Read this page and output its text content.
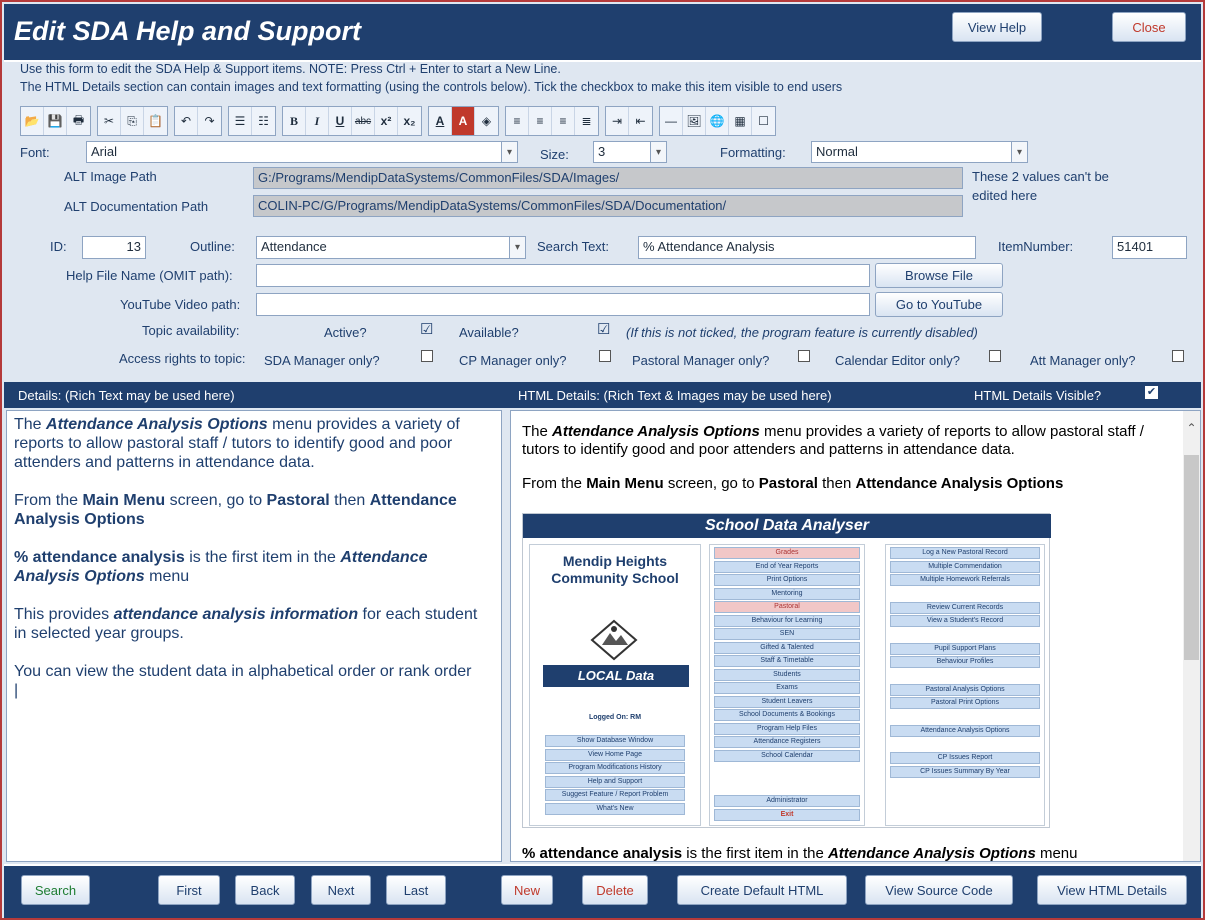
Edit SDA Help and Support	View Help	Close
Use this form to edit the SDA Help & Support items. NOTE: Press Ctrl + Enter to start a New Line.
The HTML Details section can contain images and text formatting (using the controls below). Tick the checkbox to make this item visible to end users
📂 💾 🖶	✂	⎘ 📋	↶	↷	☰	☷	B	I	U	abc x²	x₂	A	A	◈	≡	≡	≡	≣	⇥	⇤	— 🖼 🌐 ▦	☐
Font:	Arial	▾	Size:	3	▾	Formatting:	Normal	▾
ALT Image Path	G:/Programs/MendipDataSystems/CommonFiles/SDA/Images/
ALT Documentation Path	COLIN-PC/G/Programs/MendipDataSystems/CommonFiles/SDA/Documentation/
These 2 values can't be
edited here
ID:	13	Outline:	Attendance	▾	Search Text:	% Attendance Analysis	ItemNumber:	51401
Help File Name (OMIT path):	Browse File
YouTube Video path:	Go to YouTube
Topic availability:	Active?	☑ Available?	☑ (If this is not ticked, the program feature is currently disabled)
Access rights to topic: SDA Manager only?	CP Manager only?	Pastoral Manager only?	Calendar Editor only?	Att Manager only?
Details: (Rich Text may be used here)	HTML Details: (Rich Text & Images may be used here)	HTML Details Visible?	✔

The Attendance Analysis Options menu provides a variety of reports to allow pastoral staff / tutors to identify good and poor attenders and patterns in attendance data.

From the Main Menu screen, go to Pastoral then Attendance Analysis Options

% attendance analysis is the first item in the Attendance Analysis Options menu

This provides attendance analysis information for each student in selected year groups.

You can view the student data in alphabetical order or rank order
|

The Attendance Analysis Options menu provides a variety of reports to allow pastoral staff / tutors to identify good and poor attenders and patterns in attendance data.

From the Main Menu screen, go to Pastoral then Attendance Analysis Options

School Data Analyser
Mendip Heights
Community School
LOCAL Data
Logged On: RM
Show Database Window
View Home Page
Program Modifications History
Help and Support
Suggest Feature / Report Problem
What's New
Grades
End of Year Reports
Print Options
Mentoring
Pastoral
Behaviour for Learning
SEN
Gifted & Talented
Staff & Timetable
Students
Exams
Student Leavers
School Documents & Bookings
Program Help Files
Attendance Registers
School Calendar
Administrator
Exit
Log a New Pastoral Record
Multiple Commendation
Multiple Homework Referrals
Review Current Records
View a Student's Record
Pupil Support Plans
Behaviour Profiles
Pastoral Analysis Options
Pastoral Print Options
Attendance Analysis Options
CP Issues Report
CP Issues Summary By Year

% attendance analysis is the first item in the Attendance Analysis Options menu

⌃
Search	First	Back	Next	Last	New	Delete	Create Default HTML	View Source Code	View HTML Details
